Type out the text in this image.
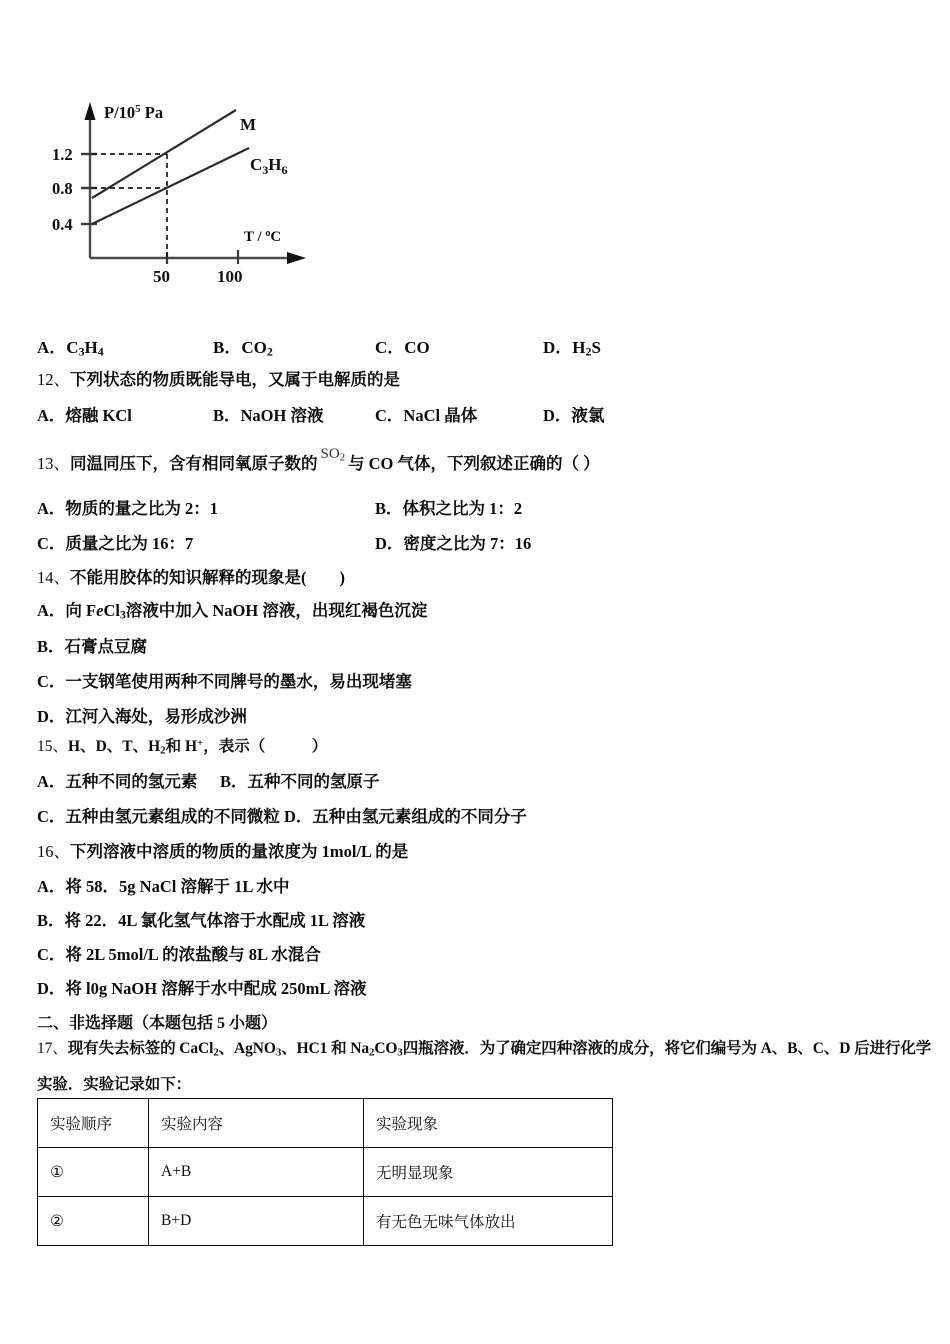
$P/10^5$ Pa
T / $^o$C
1.2
0.8
0.4
50	100
M
$C_3H_6$
A．$C_3H_4$	B．$CO_2$	C．CO	D．$H_2S$
12、下列状态的物质既能导电，又属于电解质的是
A．熔融 KCl	B．NaOH 溶液	C．NaCl 晶体	D．液氯
13、同温同压下，含有相同氧原子数的 $SO_2$ 与 CO 气体，下列叙述正确的（ ）
A．物质的量之比为 2：1	B．体积之比为 1：2
C．质量之比为 16：7	D．密度之比为 7：16
14、不能用胶体的知识解释的现象是(　　)
A．向 FeCl$_3$溶液中加入 NaOH 溶液，出现红褐色沉淀
B．石膏点豆腐
C．一支钢笔使用两种不同牌号的墨水，易出现堵塞
D．江河入海处，易形成沙洲
15、H、D、T、$H_2$和 H+，表示（　　　）
A．五种不同的氢元素 B．五种不同的氢原子
C．五种由氢元素组成的不同微粒 D．五种由氢元素组成的不同分子
16、下列溶液中溶质的物质的量浓度为 1mol/L 的是
A．将 58．5g NaCl 溶解于 1L 水中
B．将 22．4L 氯化氢气体溶于水配成 1L 溶液
C．将 2L 5mol/L 的浓盐酸与 8L 水混合
D．将 l0g NaOH 溶解于水中配成 250mL 溶液
二、非选择题（本题包括 5 小题）
17、现有失去标签的 CaCl$_2$、AgNO$_3$、HC1 和 $Na_2CO_3$四瓶溶液．为了确定四种溶液的成分，将它们编号为 A、B、C、D 后进行化学
实验．实验记录如下：
实验顺序	实验内容	实验现象
①	A+B	无明显现象
②	B+D	有无色无味气体放出
